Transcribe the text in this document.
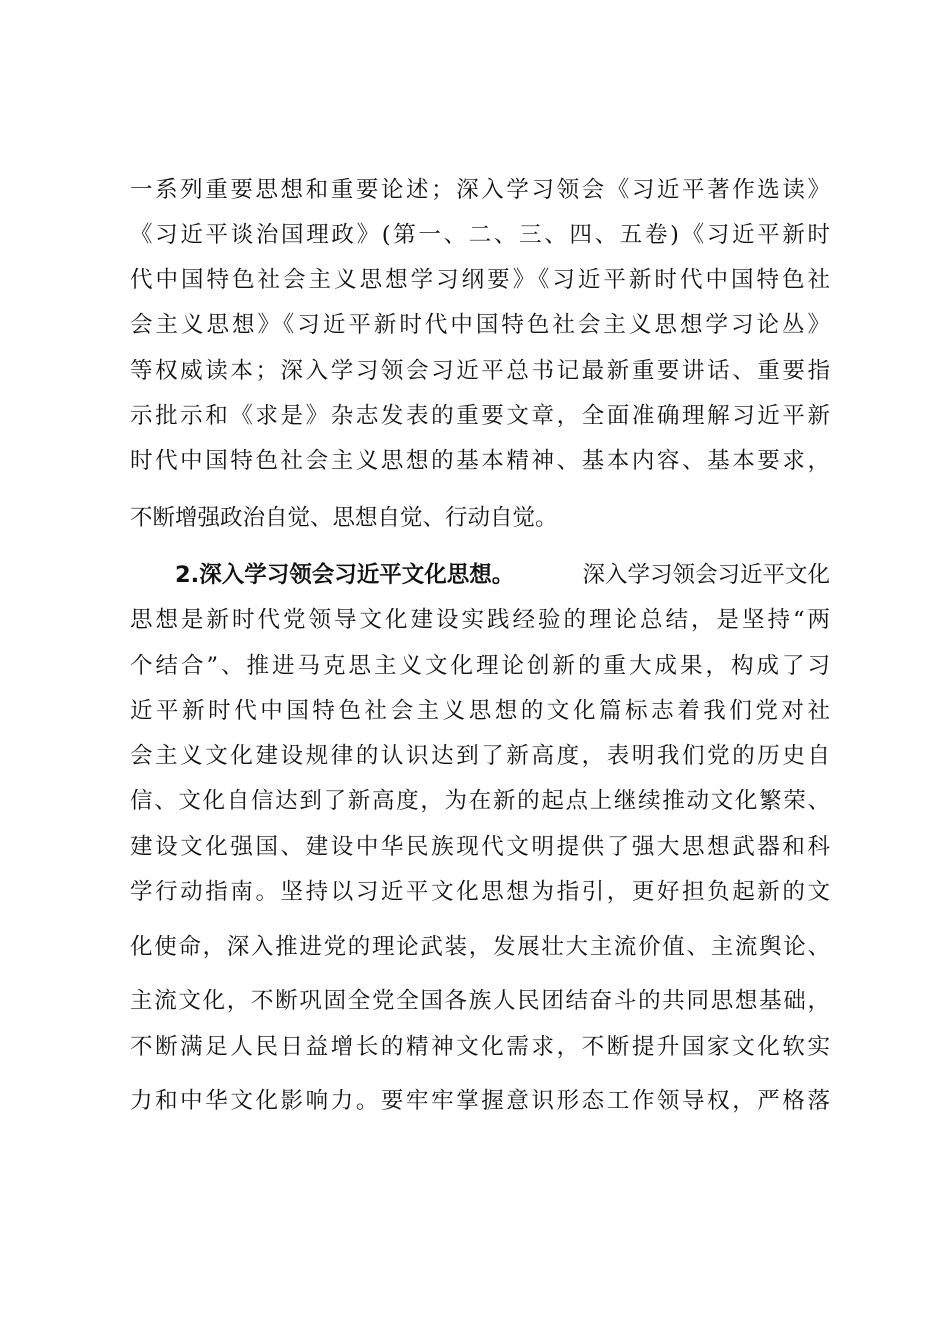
一系列重要思想和重要论述；深入学习领会《习近平著作选读》
《习近平谈治国理政》(第一、二、三、四、五卷)《习近平新时
代中国特色社会主义思想学习纲要》《习近平新时代中国特色社
会主义思想》《习近平新时代中国特色社会主义思想学习论丛》
等权威读本；深入学习领会习近平总书记最新重要讲话、重要指
示批示和《求是》杂志发表的重要文章，全面准确理解习近平新
时代中国特色社会主义思想的基本精神、基本内容、基本要求，
不断增强政治自觉、思想自觉、行动自觉。
2.深入学习领会习近平文化思想。	深入学习领会习近平文化
思想是新时代党领导文化建设实践经验的理论总结，是坚持“两
个结合”、推进马克思主义文化理论创新的重大成果，构成了习
近平新时代中国特色社会主义思想的文化篇标志着我们党对社
会主义文化建设规律的认识达到了新高度，表明我们党的历史自
信、文化自信达到了新高度，为在新的起点上继续推动文化繁荣、
建设文化强国、建设中华民族现代文明提供了强大思想武器和科
学行动指南。坚持以习近平文化思想为指引，更好担负起新的文
化使命，深入推进党的理论武装，发展壮大主流价值、主流舆论、
主流文化，不断巩固全党全国各族人民团结奋斗的共同思想基础，
不断满足人民日益增长的精神文化需求，不断提升国家文化软实
力和中华文化影响力。要牢牢掌握意识形态工作领导权，严格落
